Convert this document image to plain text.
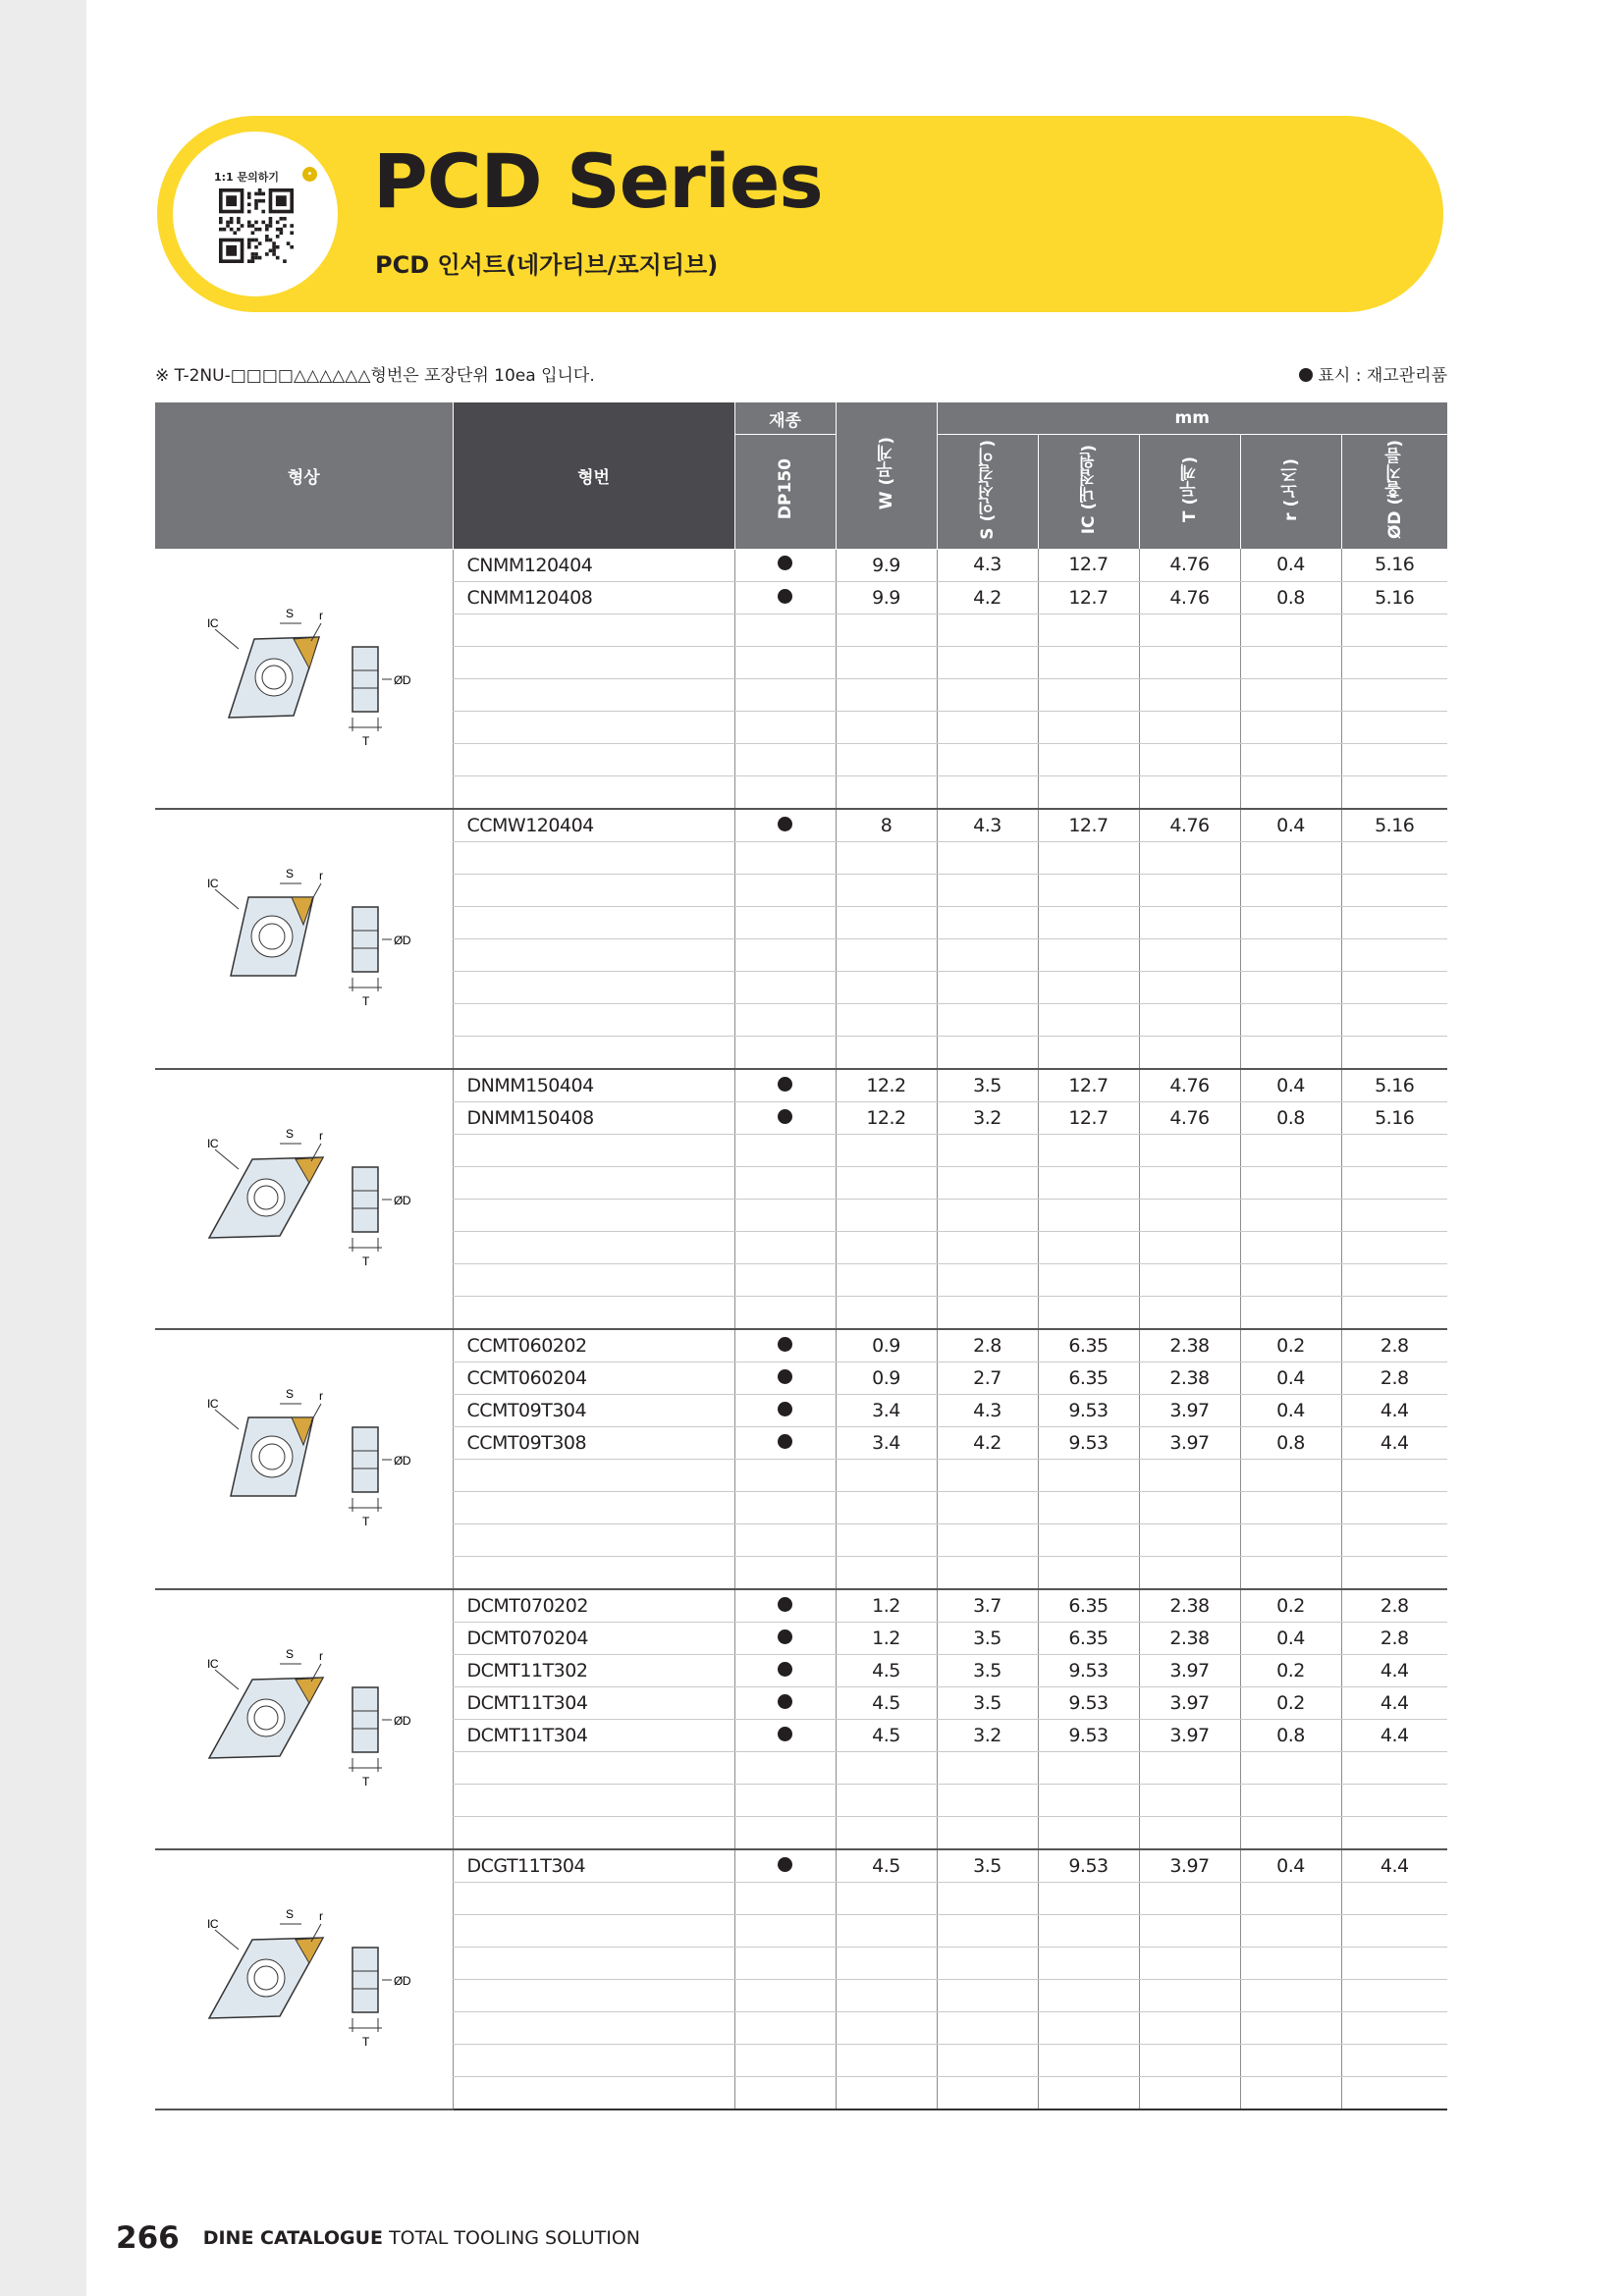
1:1 문의하기	• PCD Series
PCD 인서트(네가티브/포지티브)
※ T-2NU-□□□□△△△△△△형번은 포장단위 10ea 입니다.	표시 : 재고관리품
형상	형번	재종	W (무게)	mm				
		DP150		S (인선길이)	IC (내접원)	T (두께)	r (노즈)	ØD (홀지름)

IC
S r
ØD
T	CNMM120404		9.9	4.3	12.7	4.76	0.4	5.16
	CNMM120408		9.9	4.2	12.7	4.76	0.8	5.16

IC
S r
ØD
T	CCMW120404		8	4.3	12.7	4.76	0.4	5.16

IC
S r
ØD
T	DNMM150404		12.2	3.5	12.7	4.76	0.4	5.16
	DNMM150408		12.2	3.2	12.7	4.76	0.8	5.16

IC
S r
ØD
T	CCMT060202		0.9	2.8	6.35	2.38	0.2	2.8
	CCMT060204		0.9	2.7	6.35	2.38	0.4	2.8
	CCMT09T304		3.4	4.3	9.53	3.97	0.4	4.4
	CCMT09T308		3.4	4.2	9.53	3.97	0.8	4.4

IC
S r
ØD
T	DCMT070202		1.2	3.7	6.35	2.38	0.2	2.8
	DCMT070204		1.2	3.5	6.35	2.38	0.4	2.8
	DCMT11T302		4.5	3.5	9.53	3.97	0.2	4.4
	DCMT11T304		4.5	3.5	9.53	3.97	0.2	4.4
	DCMT11T304		4.5	3.2	9.53	3.97	0.8	4.4

IC
S r
ØD
T	DCGT11T304		4.5	3.5	9.53	3.97	0.4	4.4

266 DINE CATALOGUE TOTAL TOOLING SOLUTION
